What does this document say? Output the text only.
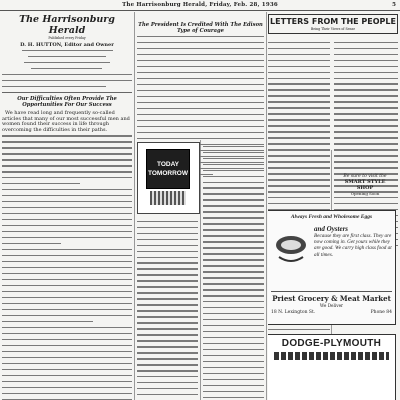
The Harrisonburg Herald, Friday, Feb. 28, 1936	5
The Harrisonburg Herald
Published every Friday
D. H. HUTTON, Editor and Owner
Our Difficulties Often Provide The
Opportunities For Our Success
We have read long and frequently so-called articles that many of our most successful men and women found their success in life through overcoming the difficulties in their paths.
The President Is Credited With The Edison Type of Courage
TODAY
TOMORROW
LETTERS FROM THE PEOPLE
Being Their Views of Sense
Be sure to visit the
SMART STYLE
SHOP
Opening Soon
Always Fresh and Wholesome Eggs
and Oysters
Because they are first class. They are now coming in. Get yours while they are good. We carry high class food at all times.
Priest Grocery & Meat Market
We Deliver
18 N. Lexington St.	Phone 84
DODGE-PLYMOUTH
